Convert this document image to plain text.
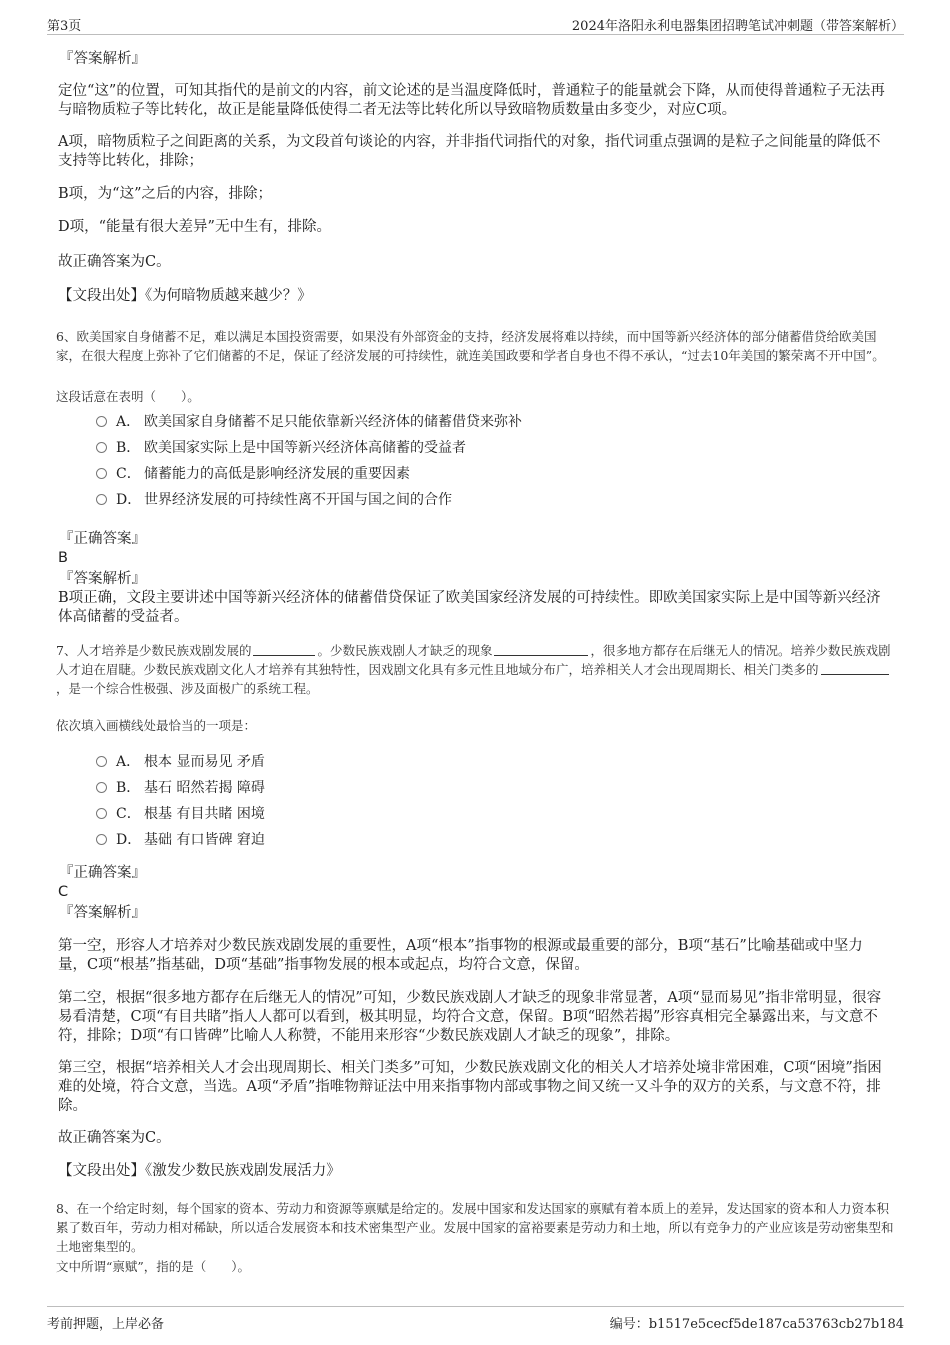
第3页	2024年洛阳永利电器集团招聘笔试冲刺题（带答案解析）
『答案解析』

定位“这”的位置，可知其指代的是前文的内容，前文论述的是当温度降低时，普通粒子的能量就会下降，从而使得普通粒子无法再与暗物质粒子等比转化，故正是能量降低使得二者无法等比转化所以导致暗物质数量由多变少，对应C项。

A项，暗物质粒子之间距离的关系，为文段首句谈论的内容，并非指代词指代的对象，指代词重点强调的是粒子之间能量的降低不支持等比转化，排除；

B项，为“这”之后的内容，排除；

D项，“能量有很大差异”无中生有，排除。

故正确答案为C。

【文段出处】《为何暗物质越来越少？》

6、欧美国家自身储蓄不足，难以满足本国投资需要，如果没有外部资金的支持，经济发展将难以持续，而中国等新兴经济体的部分储蓄借贷给欧美国家，在很大程度上弥补了它们储蓄的不足，保证了经济发展的可持续性，就连美国政要和学者自身也不得不承认，“过去10年美国的繁荣离不开中国”。

这段话意在表明（　　）。

A． 欧美国家自身储蓄不足只能依靠新兴经济体的储蓄借贷来弥补
B． 欧美国家实际上是中国等新兴经济体高储蓄的受益者
C． 储蓄能力的高低是影响经济发展的重要因素
D． 世界经济发展的可持续性离不开国与国之间的合作
『正确答案』
B
『答案解析』

B项正确，文段主要讲述中国等新兴经济体的储蓄借贷保证了欧美国家经济发展的可持续性。即欧美国家实际上是中国等新兴经济体高储蓄的受益者。

7、人才培养是少数民族戏剧发展的	。少数民族戏剧人才缺乏的现象	，很多地方都存在后继无人的情况。培养少数民族戏剧人才迫在眉睫。少数民族戏剧文化人才培养有其独特性，因戏剧文化具有多元性且地域分布广，培养相关人才会出现周期长、相关门类多的，是一个综合性极强、涉及面极广的系统工程。

依次填入画横线处最恰当的一项是：

A． 根本 显而易见 矛盾
B． 基石 昭然若揭 障碍
C． 根基 有目共睹 困境
D． 基础 有口皆碑 窘迫
『正确答案』
C
『答案解析』

第一空，形容人才培养对少数民族戏剧发展的重要性，A项“根本”指事物的根源或最重要的部分，B项“基石”比喻基础或中坚力量，C项“根基”指基础，D项“基础”指事物发展的根本或起点，均符合文意，保留。

第二空，根据“很多地方都存在后继无人的情况”可知，少数民族戏剧人才缺乏的现象非常显著，A项“显而易见”指非常明显，很容易看清楚，C项“有目共睹”指人人都可以看到，极其明显，均符合文意，保留。B项“昭然若揭”形容真相完全暴露出来，与文意不符，排除；D项“有口皆碑”比喻人人称赞，不能用来形容“少数民族戏剧人才缺乏的现象”，排除。

第三空，根据“培养相关人才会出现周期长、相关门类多”可知，少数民族戏剧文化的相关人才培养处境非常困难，C项“困境”指困难的处境，符合文意，当选。A项“矛盾”指唯物辩证法中用来指事物内部或事物之间又统一又斗争的双方的关系，与文意不符，排除。

故正确答案为C。

【文段出处】《激发少数民族戏剧发展活力》

8、在一个给定时刻，每个国家的资本、劳动力和资源等禀赋是给定的。发展中国家和发达国家的禀赋有着本质上的差异，发达国家的资本和人力资本积累了数百年，劳动力相对稀缺，所以适合发展资本和技术密集型产业。发展中国家的富裕要素是劳动力和土地，所以有竞争力的产业应该是劳动密集型和土地密集型的。

文中所谓“禀赋”，指的是（　　）。

考前押题，上岸必备	编号：b1517e5cecf5de187ca53763cb27b184
